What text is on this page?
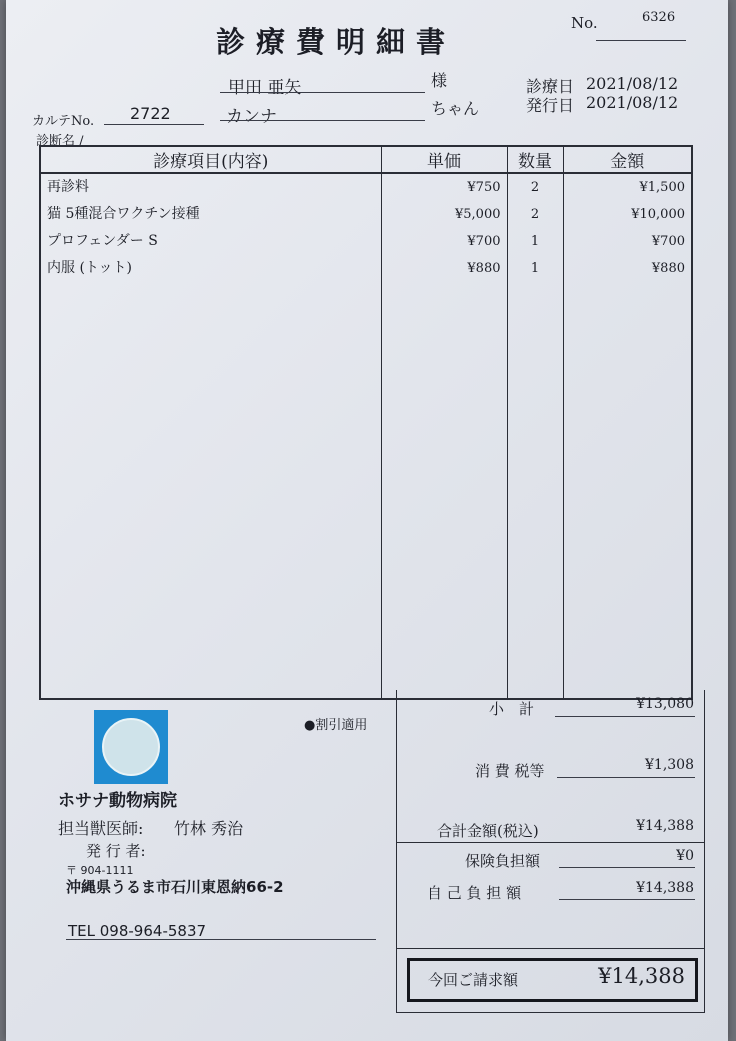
診療費明細書
No.	6326
甲田 亜矢	様
カルテNo. 2722	カンナ	ちゃん
診断名 /
診療日 2021/08/12
発行日 2021/08/12
診療項目(内容)	単価	数量	金額
再診料	¥750	2	¥1,500
猫 5種混合ワクチン接種	¥5,000	2	¥10,000
プロフェンダー S	¥700	1	¥700
内服 (トット)	¥880	1	¥880

小　計	¥13,080
消 費 税等	¥1,308
合計金額(税込)	¥14,388
保険負担額	¥0
自 己 負 担 額	¥14,388
今回ご請求額	¥14,388
●割引適用
ホサナ動物病院
担当獣医師: 竹林 秀治
発 行 者:
〒 904-1111
沖縄県うるま市石川東恩納66-2
TEL 098-964-5837
